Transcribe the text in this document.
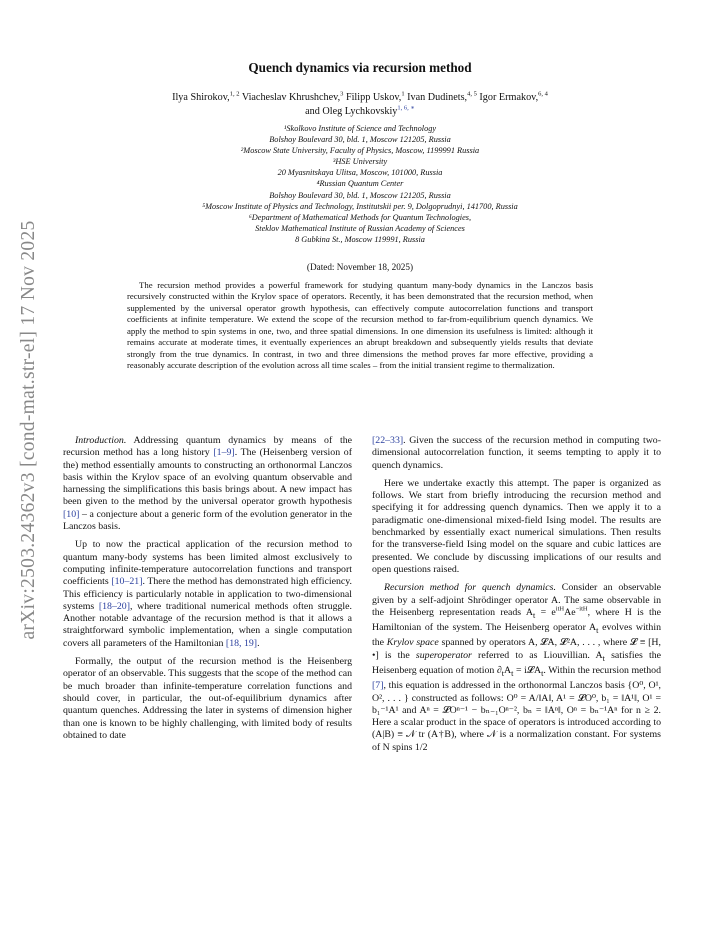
arXiv:2503.24362v3 [cond-mat.str-el] 17 Nov 2025
Quench dynamics via recursion method
Ilya Shirokov,$^{1, 2}$ Viacheslav Khrushchev,$^3$ Filipp Uskov,$^1$ Ivan Dudinets,$^{4, 5}$ Igor Ermakov,$^{6, 4}$ and Oleg Lychkovskiy$^{1, 6, ∗}$
¹Skolkovo Institute of Science and Technology
Bolshoy Boulevard 30, bld. 1, Moscow 121205, Russia
²Moscow State University, Faculty of Physics, Moscow, 1199991 Russia
³HSE University
20 Myasnitskaya Ulitsa, Moscow, 101000, Russia
⁴Russian Quantum Center
Bolshoy Boulevard 30, bld. 1, Moscow 121205, Russia
⁵Moscow Institute of Physics and Technology, Institutskii per. 9, Dolgoprudnyi, 141700, Russia
⁶Department of Mathematical Methods for Quantum Technologies,
Steklov Mathematical Institute of Russian Academy of Sciences
8 Gubkina St., Moscow 119991, Russia
(Dated: November 18, 2025)

The recursion method provides a powerful framework for studying quantum many-body dynamics in the Lanczos basis recursively constructed within the Krylov space of operators. Recently, it has been demonstrated that the recursion method, when supplemented by the universal operator growth hypothesis, can effectively compute autocorrelation functions and transport coefficients at infinite temperature. We extend the scope of the recursion method to far-from-equilibrium quench dynamics. We apply the method to spin systems in one, two, and three spatial dimensions. In one dimension its usefulness is limited: although it remains accurate at moderate times, it eventually experiences an abrupt breakdown and subsequently yields results that deviate strongly from the true dynamics. In contrast, in two and three dimensions the method proves far more effective, providing a reasonably accurate description of the evolution across all time scales – from the initial transient regime to thermalization.

Introduction. Addressing quantum dynamics by means of the recursion method has a long history [1–9]. The (Heisenberg version of the) method essentially amounts to constructing an orthonormal Lanczos basis within the Krylov space of an evolving quantum observable and harnessing the simplifications this basis brings about. A new impact has been given to the method by the universal operator growth hypothesis [10] – a conjecture about a generic form of the evolution generator in the Lanczos basis.

Up to now the practical application of the recursion method to quantum many-body systems has been limited almost exclusively to computing infinite-temperature autocorrelation functions and transport coefficients [10–21]. There the method has demonstrated high efficiency. This efficiency is particularly notable in application to two-dimensional systems [18–20], where traditional numerical methods often struggle. Another notable advantage of the recursion method is that it allows a straightforward symbolic implementation, when a single computation covers all parameters of the Hamiltonian [18, 19].

Formally, the output of the recursion method is the Heisenberg operator of an observable. This suggests that the scope of the method can be much broader than infinite-temperature correlation functions and should cover, in particular, the out-of-equilibrium dynamics after quantum quenches. Addressing the later in systems of dimension higher than one is known to be highly challenging, with limited body of results obtained to date

[22–33]. Given the success of the recursion method in computing two-dimensional autocorrelation function, it seems tempting to apply it to quench dynamics.

Here we undertake exactly this attempt. The paper is organized as follows. We start from briefly introducing the recursion method and specifying it for addressing quench dynamics. Then we apply it to a paradigmatic one-dimensional mixed-field Ising model. The results are benchmarked by essentially exact numerical simulations. Then results for the transverse-field Ising model on the square and cubic lattices are presented. We conclude by discussing implications of our results and open questions raised.

Recursion method for quench dynamics. Consider an observable given by a self-adjoint Shrödinger operator A. The same observable in the Heisenberg representation reads $A_t = e^{itH}Ae^{-itH}$, where H is the Hamiltonian of the system. The Heisenberg operator $A_t$ evolves within the Krylov space spanned by operators A, 𝓛A, 𝓛²A, . . . , where 𝓛 ≡ [H, •] is the superoperator referred to as Liouvillian. $A_t$ satisfies the Heisenberg equation of motion $\partial_tA_t$ = i𝓛A$_t$. Within the recursion method [7], this equation is addressed in the orthonormal Lanczos basis {O⁰, O¹, O², . . . } constructed as follows: O⁰ = A/‖A‖, A¹ = 𝓛O⁰, b₁ = ‖A¹‖, O¹ = b₁⁻¹A¹ and Aⁿ = 𝓛Oⁿ⁻¹ − bₙ₋₁Oⁿ⁻², bₙ = ‖Aⁿ‖, Oⁿ = bₙ⁻¹Aⁿ for n ≥ 2. Here a scalar product in the space of operators is introduced according to (A|B) ≡ 𝒩 tr (A†B), where 𝒩 is a normalization constant. For systems of N spins 1/2
